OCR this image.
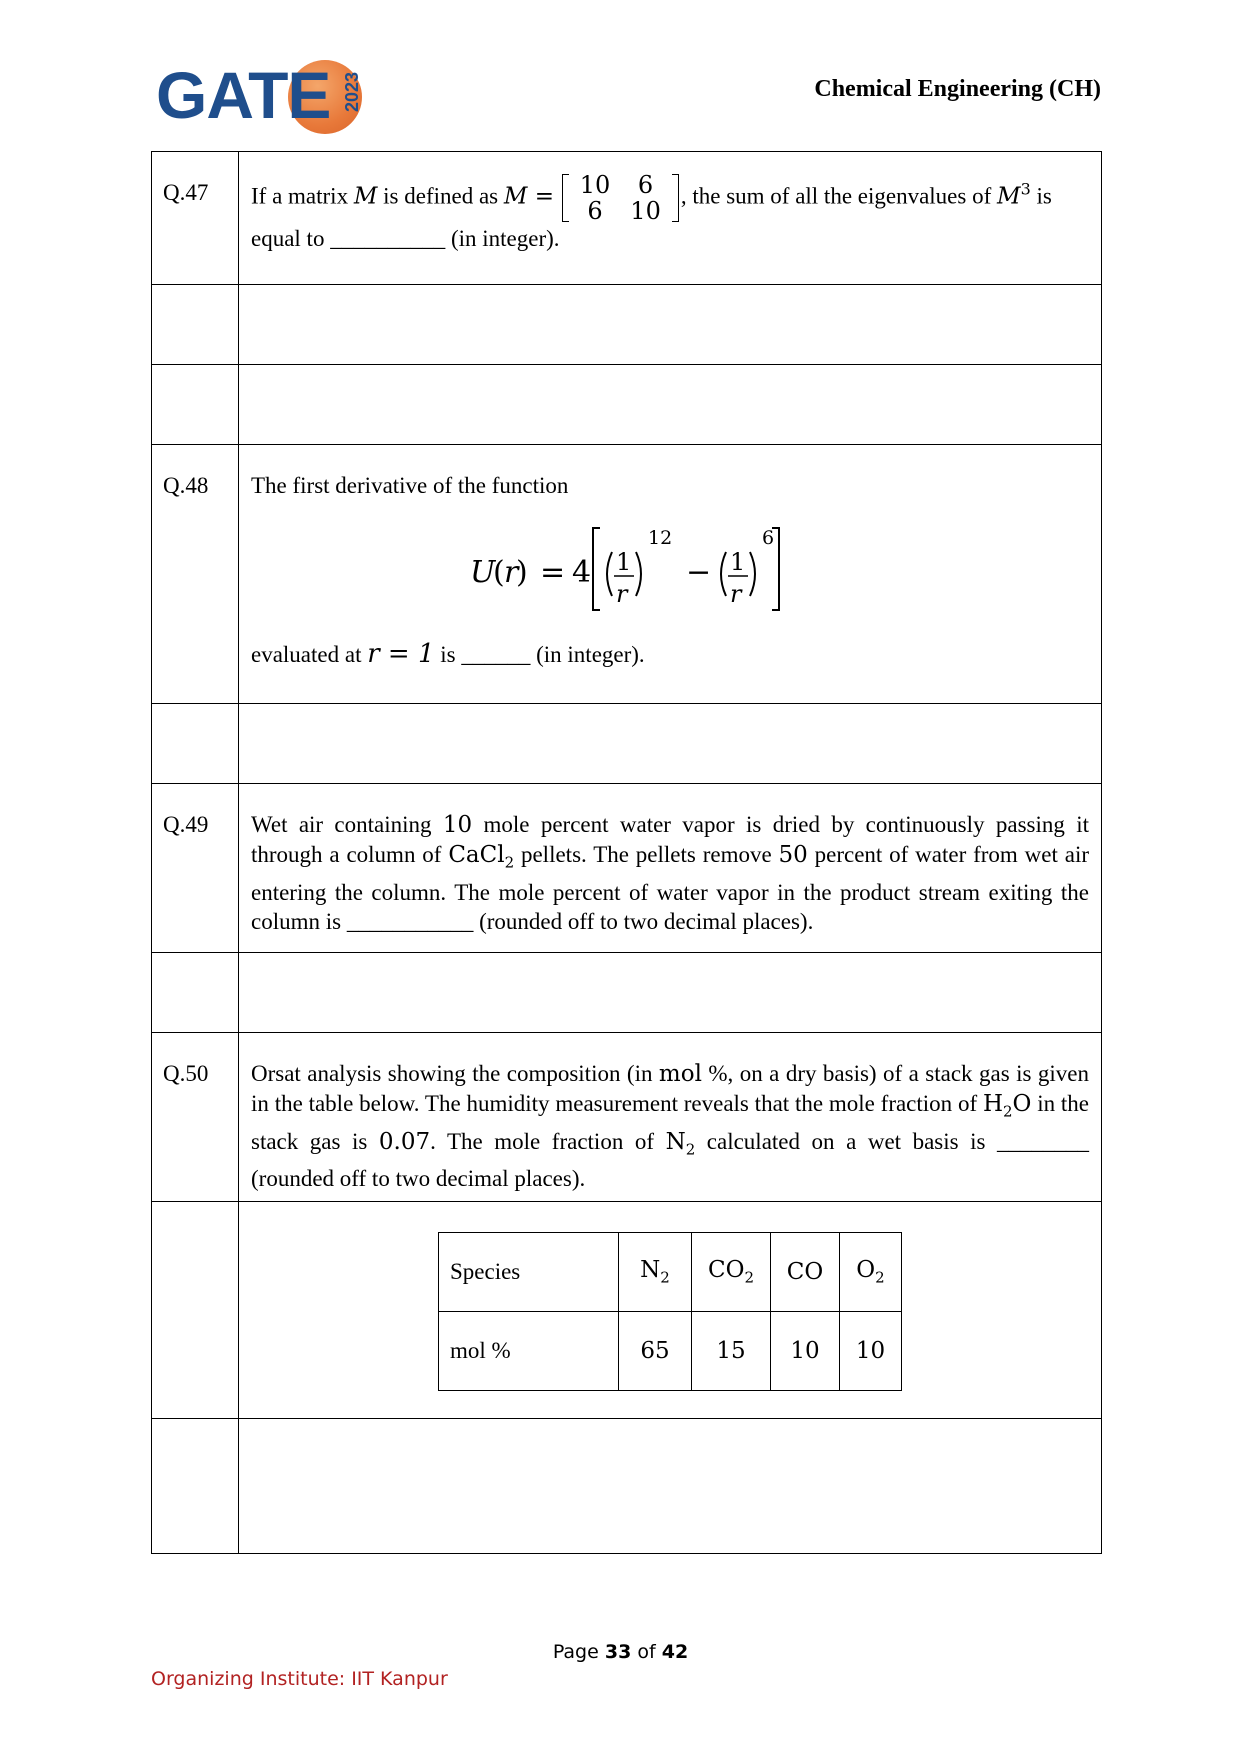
GATE 2023	Chemical Engineering (CH)
Q.47	If a matrix M is defined as M = 10	6
6	10
, the sum of all the eigenvalues of $M^3$ is
equal to __________ (in integer).

Q.48	The first derivative of the function
U
( r
) = 4 1
r
12
− 1
r
6
evaluated at r = 1 is ______ (in integer).

Q.49	Wet air containing 10 mole percent water vapor is dried by continuously passing it through a column of CaCl$_2$ pellets. The pellets remove 50 percent of water from wet air entering the column. The mole percent of water vapor in the product stream exiting the column is ___________ (rounded off to two decimal places).

Q.50	Orsat analysis showing the composition (in mol %, on a dry basis) of a stack gas is given in the table below. The humidity measurement reveals that the mole fraction of $H_2O$ in the stack gas is 0.07. The mole fraction of $N_2$ calculated on a wet basis is ________ (rounded off to two decimal places).

Species	$N_2$	$CO_2$	CO	$O_2$
mol %	65	15	10	10

Page 33 of 42
Organizing Institute: IIT Kanpur
